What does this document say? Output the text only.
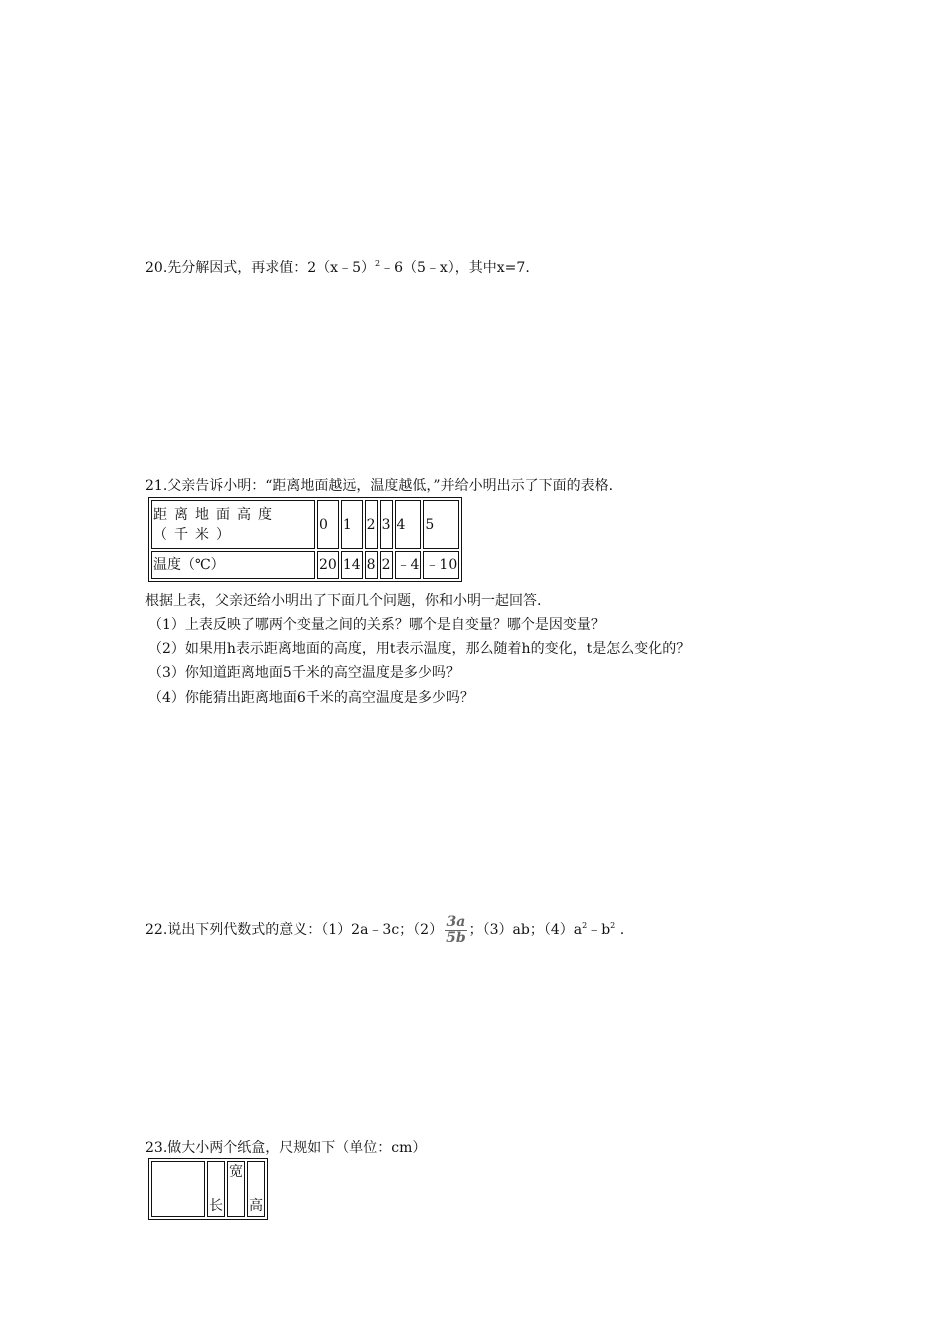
20.先分解因式，再求值：2（x﹣5）$^2$﹣6（5﹣x），其中x=7.
21.父亲告诉小明：“距离地面越远，温度越低，”并给小明出示了下面的表格.
距离地面高度（千米）	0	1	2	3	4	5
温度（℃）	20	14	8	2	﹣4	﹣10
根据上表，父亲还给小明出了下面几个问题，你和小明一起回答.
（1）上表反映了哪两个变量之间的关系？哪个是自变量？哪个是因变量？
（2）如果用h表示距离地面的高度，用t表示温度，那么随着h的变化，t是怎么变化的？
（3）你知道距离地面5千米的高空温度是多少吗？
（4）你能猜出距离地面6千米的高空温度是多少吗？
22.说出下列代数式的意义：（1）2a﹣3c；$(2) \frac{3a}{5b}$ ；（3）ab；$(4)a^2﹣b^2$ .
23.做大小两个纸盒，尺规如下（单位：cm）
	长	宽	高
